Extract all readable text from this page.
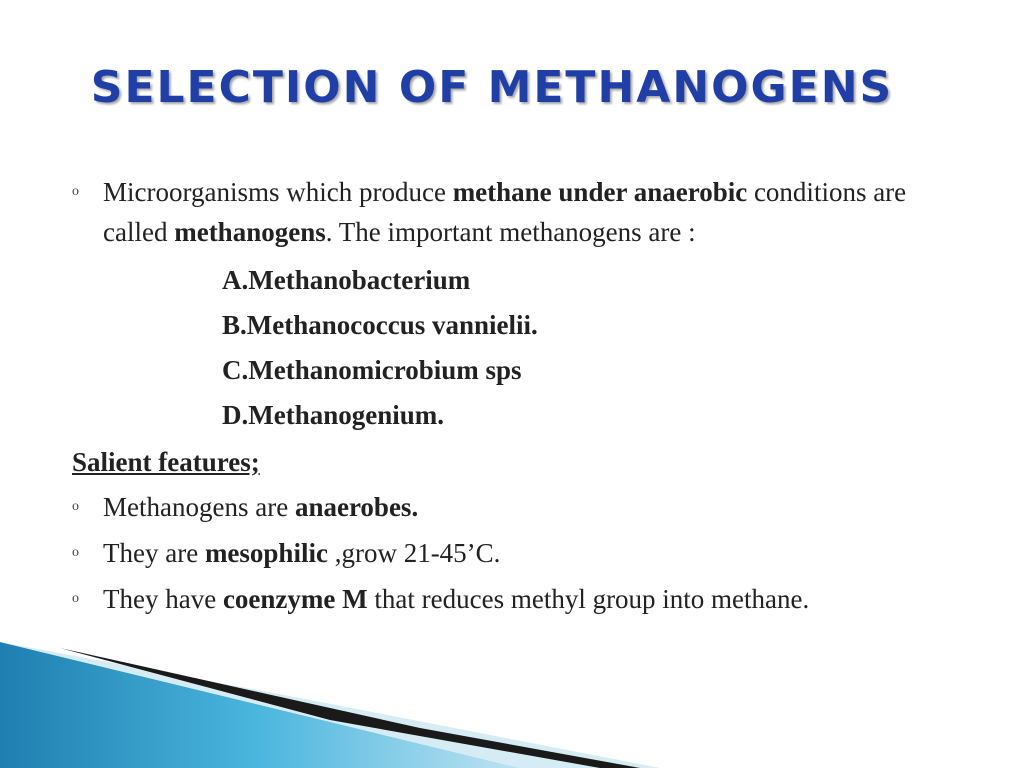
SELECTION OF METHANOGENS
o Microorganisms which produce methane under anaerobic conditions are called methanogens. The important methanogens are :
A.Methanobacterium
B.Methanococcus vannielii.
C.Methanomicrobium sps
D.Methanogenium.
Salient features;
o Methanogens are anaerobes.
o They are mesophilic ,grow 21-45’C.
o They have coenzyme M that reduces methyl group into methane.
